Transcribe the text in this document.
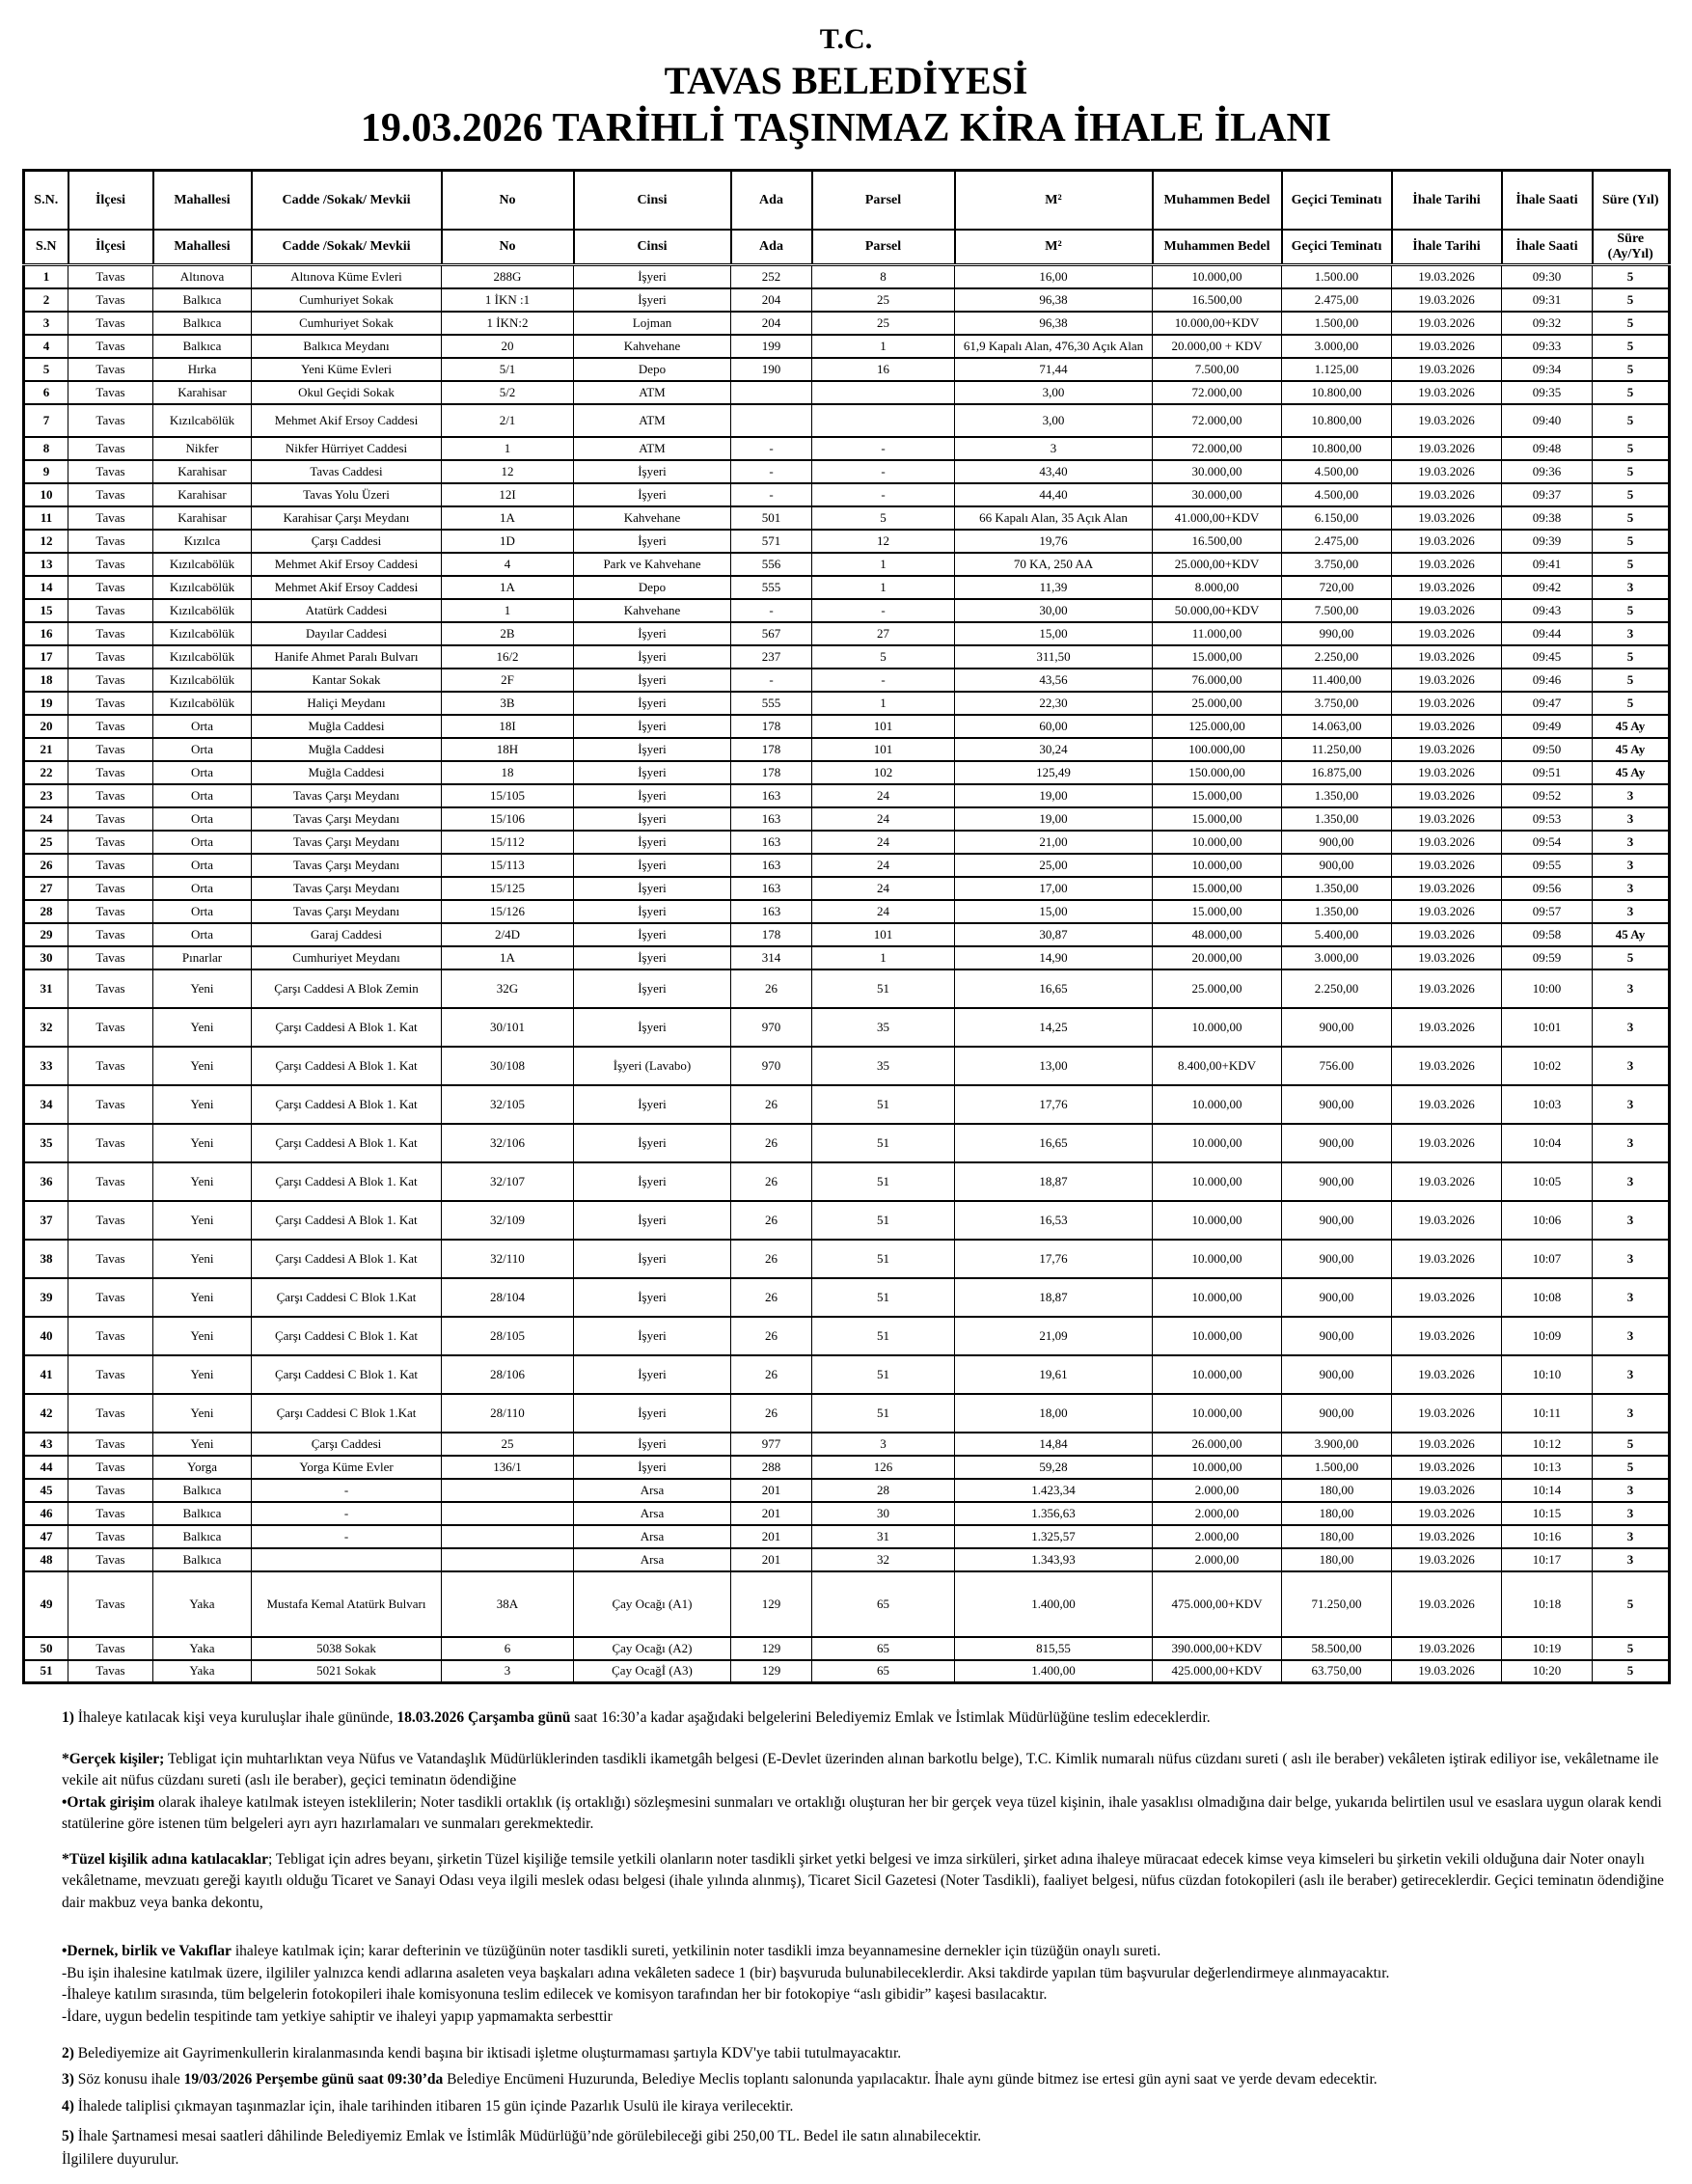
T.C.
TAVAS BELEDİYESİ
19.03.2026 TARİHLİ TAŞINMAZ KİRA İHALE İLANI
S.N.	İlçesi	Mahallesi	Cadde /Sokak/ Mevkii	No	Cinsi	Ada	Parsel	M²	Muhammen Bedel	Geçici Teminatı	İhale Tarihi	İhale Saati	Süre (Yıl)
S.N	İlçesi	Mahallesi	Cadde /Sokak/ Mevkii	No	Cinsi	Ada	Parsel	M²	Muhammen Bedel	Geçici Teminatı	İhale Tarihi	İhale Saati	Süre (Ay/Yıl)
1	Tavas	Altınova	Altınova Küme Evleri	288G	İşyeri	252	8	16,00	10.000,00	1.500.00	19.03.2026	09:30	5
2	Tavas	Balkıca	Cumhuriyet Sokak	1 İKN :1	İşyeri	204	25	96,38	16.500,00	2.475,00	19.03.2026	09:31	5
3	Tavas	Balkıca	Cumhuriyet Sokak	1 İKN:2	Lojman	204	25	96,38	10.000,00+KDV	1.500,00	19.03.2026	09:32	5
4	Tavas	Balkıca	Balkıca Meydanı	20	Kahvehane	199	1	61,9 Kapalı Alan, 476,30 Açık Alan	20.000,00 + KDV	3.000,00	19.03.2026	09:33	5
5	Tavas	Hırka	Yeni Küme Evleri	5/1	Depo	190	16	71,44	7.500,00	1.125,00	19.03.2026	09:34	5
6	Tavas	Karahisar	Okul Geçidi Sokak	5/2	ATM			3,00	72.000,00	10.800,00	19.03.2026	09:35	5
7	Tavas	Kızılcabölük	Mehmet Akif Ersoy Caddesi	2/1	ATM			3,00	72.000,00	10.800,00	19.03.2026	09:40	5
8	Tavas	Nikfer	Nikfer Hürriyet Caddesi	1	ATM	-	-	3	72.000,00	10.800,00	19.03.2026	09:48	5
9	Tavas	Karahisar	Tavas Caddesi	12	İşyeri	-	-	43,40	30.000,00	4.500,00	19.03.2026	09:36	5
10	Tavas	Karahisar	Tavas Yolu Üzeri	12I	İşyeri	-	-	44,40	30.000,00	4.500,00	19.03.2026	09:37	5
11	Tavas	Karahisar	Karahisar Çarşı Meydanı	1A	Kahvehane	501	5	66 Kapalı Alan, 35 Açık Alan	41.000,00+KDV	6.150,00	19.03.2026	09:38	5
12	Tavas	Kızılca	Çarşı Caddesi	1D	İşyeri	571	12	19,76	16.500,00	2.475,00	19.03.2026	09:39	5
13	Tavas	Kızılcabölük	Mehmet Akif Ersoy Caddesi	4	Park ve Kahvehane	556	1	70 KA, 250 AA	25.000,00+KDV	3.750,00	19.03.2026	09:41	5
14	Tavas	Kızılcabölük	Mehmet Akif Ersoy Caddesi	1A	Depo	555	1	11,39	8.000,00	720,00	19.03.2026	09:42	3
15	Tavas	Kızılcabölük	Atatürk Caddesi	1	Kahvehane	-	-	30,00	50.000,00+KDV	7.500,00	19.03.2026	09:43	5
16	Tavas	Kızılcabölük	Dayılar Caddesi	2B	İşyeri	567	27	15,00	11.000,00	990,00	19.03.2026	09:44	3
17	Tavas	Kızılcabölük	Hanife Ahmet Paralı Bulvarı	16/2	İşyeri	237	5	311,50	15.000,00	2.250,00	19.03.2026	09:45	5
18	Tavas	Kızılcabölük	Kantar Sokak	2F	İşyeri	-	-	43,56	76.000,00	11.400,00	19.03.2026	09:46	5
19	Tavas	Kızılcabölük	Haliçi Meydanı	3B	İşyeri	555	1	22,30	25.000,00	3.750,00	19.03.2026	09:47	5
20	Tavas	Orta	Muğla Caddesi	18I	İşyeri	178	101	60,00	125.000,00	14.063,00	19.03.2026	09:49	45 Ay
21	Tavas	Orta	Muğla Caddesi	18H	İşyeri	178	101	30,24	100.000,00	11.250,00	19.03.2026	09:50	45 Ay
22	Tavas	Orta	Muğla Caddesi	18	İşyeri	178	102	125,49	150.000,00	16.875,00	19.03.2026	09:51	45 Ay
23	Tavas	Orta	Tavas Çarşı Meydanı	15/105	İşyeri	163	24	19,00	15.000,00	1.350,00	19.03.2026	09:52	3
24	Tavas	Orta	Tavas Çarşı Meydanı	15/106	İşyeri	163	24	19,00	15.000,00	1.350,00	19.03.2026	09:53	3
25	Tavas	Orta	Tavas Çarşı Meydanı	15/112	İşyeri	163	24	21,00	10.000,00	900,00	19.03.2026	09:54	3
26	Tavas	Orta	Tavas Çarşı Meydanı	15/113	İşyeri	163	24	25,00	10.000,00	900,00	19.03.2026	09:55	3
27	Tavas	Orta	Tavas Çarşı Meydanı	15/125	İşyeri	163	24	17,00	15.000,00	1.350,00	19.03.2026	09:56	3
28	Tavas	Orta	Tavas Çarşı Meydanı	15/126	İşyeri	163	24	15,00	15.000,00	1.350,00	19.03.2026	09:57	3
29	Tavas	Orta	Garaj Caddesi	2/4D	İşyeri	178	101	30,87	48.000,00	5.400,00	19.03.2026	09:58	45 Ay
30	Tavas	Pınarlar	Cumhuriyet Meydanı	1A	İşyeri	314	1	14,90	20.000,00	3.000,00	19.03.2026	09:59	5
31	Tavas	Yeni	Çarşı Caddesi A Blok Zemin	32G	İşyeri	26	51	16,65	25.000,00	2.250,00	19.03.2026	10:00	3
32	Tavas	Yeni	Çarşı Caddesi A Blok 1. Kat	30/101	İşyeri	970	35	14,25	10.000,00	900,00	19.03.2026	10:01	3
33	Tavas	Yeni	Çarşı Caddesi A Blok 1. Kat	30/108	İşyeri (Lavabo)	970	35	13,00	8.400,00+KDV	756.00	19.03.2026	10:02	3
34	Tavas	Yeni	Çarşı Caddesi A Blok 1. Kat	32/105	İşyeri	26	51	17,76	10.000,00	900,00	19.03.2026	10:03	3
35	Tavas	Yeni	Çarşı Caddesi A Blok 1. Kat	32/106	İşyeri	26	51	16,65	10.000,00	900,00	19.03.2026	10:04	3
36	Tavas	Yeni	Çarşı Caddesi A Blok 1. Kat	32/107	İşyeri	26	51	18,87	10.000,00	900,00	19.03.2026	10:05	3
37	Tavas	Yeni	Çarşı Caddesi A Blok 1. Kat	32/109	İşyeri	26	51	16,53	10.000,00	900,00	19.03.2026	10:06	3
38	Tavas	Yeni	Çarşı Caddesi A Blok 1. Kat	32/110	İşyeri	26	51	17,76	10.000,00	900,00	19.03.2026	10:07	3
39	Tavas	Yeni	Çarşı Caddesi C Blok 1.Kat	28/104	İşyeri	26	51	18,87	10.000,00	900,00	19.03.2026	10:08	3
40	Tavas	Yeni	Çarşı Caddesi C Blok 1. Kat	28/105	İşyeri	26	51	21,09	10.000,00	900,00	19.03.2026	10:09	3
41	Tavas	Yeni	Çarşı Caddesi C Blok 1. Kat	28/106	İşyeri	26	51	19,61	10.000,00	900,00	19.03.2026	10:10	3
42	Tavas	Yeni	Çarşı Caddesi C Blok 1.Kat	28/110	İşyeri	26	51	18,00	10.000,00	900,00	19.03.2026	10:11	3
43	Tavas	Yeni	Çarşı Caddesi	25	İşyeri	977	3	14,84	26.000,00	3.900,00	19.03.2026	10:12	5
44	Tavas	Yorga	Yorga Küme Evler	136/1	İşyeri	288	126	59,28	10.000,00	1.500,00	19.03.2026	10:13	5
45	Tavas	Balkıca	-		Arsa	201	28	1.423,34	2.000,00	180,00	19.03.2026	10:14	3
46	Tavas	Balkıca	-		Arsa	201	30	1.356,63	2.000,00	180,00	19.03.2026	10:15	3
47	Tavas	Balkıca	-		Arsa	201	31	1.325,57	2.000,00	180,00	19.03.2026	10:16	3
48	Tavas	Balkıca			Arsa	201	32	1.343,93	2.000,00	180,00	19.03.2026	10:17	3
49	Tavas	Yaka	Mustafa Kemal Atatürk Bulvarı	38A	Çay Ocağı (A1)	129	65	1.400,00	475.000,00+KDV	71.250,00	19.03.2026	10:18	5
50	Tavas	Yaka	5038 Sokak	6	Çay Ocağı (A2)	129	65	815,55	390.000,00+KDV	58.500,00	19.03.2026	10:19	5
51	Tavas	Yaka	5021 Sokak	3	Çay Ocağİ (A3)	129	65	1.400,00	425.000,00+KDV	63.750,00	19.03.2026	10:20	5

1) İhaleye katılacak kişi veya kuruluşlar ihale gününde, 18.03.2026 Çarşamba günü saat 16:30’a kadar aşağıdaki belgelerini Belediyemiz Emlak ve İstimlak Müdürlüğüne teslim edeceklerdir.

*Gerçek kişiler; Tebligat için muhtarlıktan veya Nüfus ve Vatandaşlık Müdürlüklerinden tasdikli ikametgâh belgesi (E-Devlet üzerinden alınan barkotlu belge), T.C. Kimlik numaralı nüfus cüzdanı sureti ( aslı ile beraber) vekâleten iştirak ediliyor ise, vekâletname ile vekile ait nüfus cüzdanı sureti (aslı ile beraber), geçici teminatın ödendiğine

•Ortak girişim olarak ihaleye katılmak isteyen isteklilerin; Noter tasdikli ortaklık (iş ortaklığı) sözleşmesini sunmaları ve ortaklığı oluşturan her bir gerçek veya tüzel kişinin, ihale yasaklısı olmadığına dair belge, yukarıda belirtilen usul ve esaslara uygun olarak kendi statülerine göre istenen tüm belgeleri ayrı ayrı hazırlamaları ve sunmaları gerekmektedir.

*Tüzel kişilik adına katılacaklar; Tebligat için adres beyanı, şirketin Tüzel kişiliğe temsile yetkili olanların noter tasdikli şirket yetki belgesi ve imza sirküleri, şirket adına ihaleye müracaat edecek kimse veya kimseleri bu şirketin vekili olduğuna dair Noter onaylı vekâletname, mevzuatı gereği kayıtlı olduğu Ticaret ve Sanayi Odası veya ilgili meslek odası belgesi (ihale yılında alınmış), Ticaret Sicil Gazetesi (Noter Tasdikli), faaliyet belgesi, nüfus cüzdan fotokopileri (aslı ile beraber) getireceklerdir. Geçici teminatın ödendiğine dair makbuz veya banka dekontu,

•Dernek, birlik ve Vakıflar ihaleye katılmak için; karar defterinin ve tüzüğünün noter tasdikli sureti, yetkilinin noter tasdikli imza beyannamesine dernekler için tüzüğün onaylı sureti.

-Bu işin ihalesine katılmak üzere, ilgililer yalnızca kendi adlarına asaleten veya başkaları adına vekâleten sadece 1 (bir) başvuruda bulunabileceklerdir. Aksi takdirde yapılan tüm başvurular değerlendirmeye alınmayacaktır.

-İhaleye katılım sırasında, tüm belgelerin fotokopileri ihale komisyonuna teslim edilecek ve komisyon tarafından her bir fotokopiye “aslı gibidir” kaşesi basılacaktır.

-İdare, uygun bedelin tespitinde tam yetkiye sahiptir ve ihaleyi yapıp yapmamakta serbesttir

2) Belediyemize ait Gayrimenkullerin kiralanmasında kendi başına bir iktisadi işletme oluşturmaması şartıyla KDV'ye tabii tutulmayacaktır.

3) Söz konusu ihale 19/03/2026 Perşembe günü saat 09:30’da Belediye Encümeni Huzurunda, Belediye Meclis toplantı salonunda yapılacaktır. İhale aynı günde bitmez ise ertesi gün ayni saat ve yerde devam edecektir.

4) İhalede taliplisi çıkmayan taşınmazlar için, ihale tarihinden itibaren 15 gün içinde Pazarlık Usulü ile kiraya verilecektir.

5) İhale Şartnamesi mesai saatleri dâhilinde Belediyemiz Emlak ve İstimlâk Müdürlüğü’nde görülebileceği gibi 250,00 TL. Bedel ile satın alınabilecektir.

İlgililere duyurulur.
